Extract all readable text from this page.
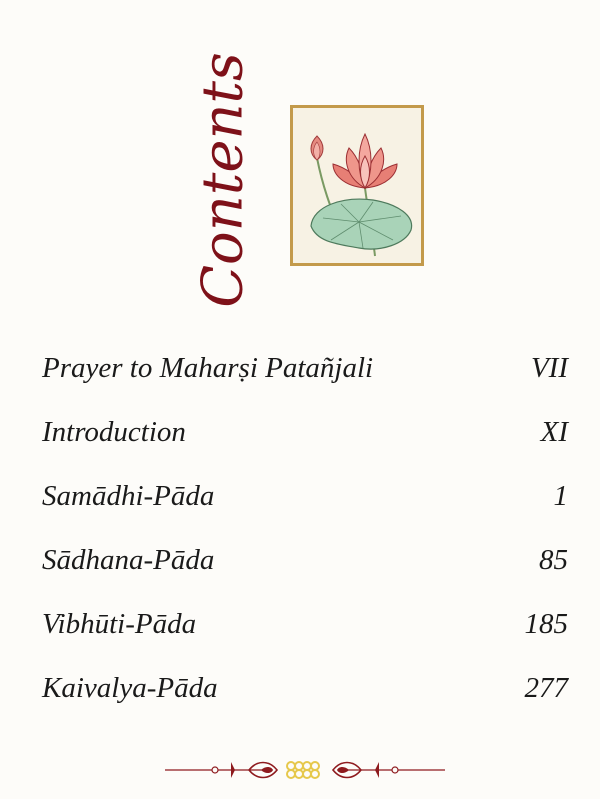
Contents
Prayer to Maharṣi Patañjali	VII
Introduction	XI
Samādhi-Pāda	1
Sādhana-Pāda	85
Vibhūti-Pāda	185
Kaivalya-Pāda	277
